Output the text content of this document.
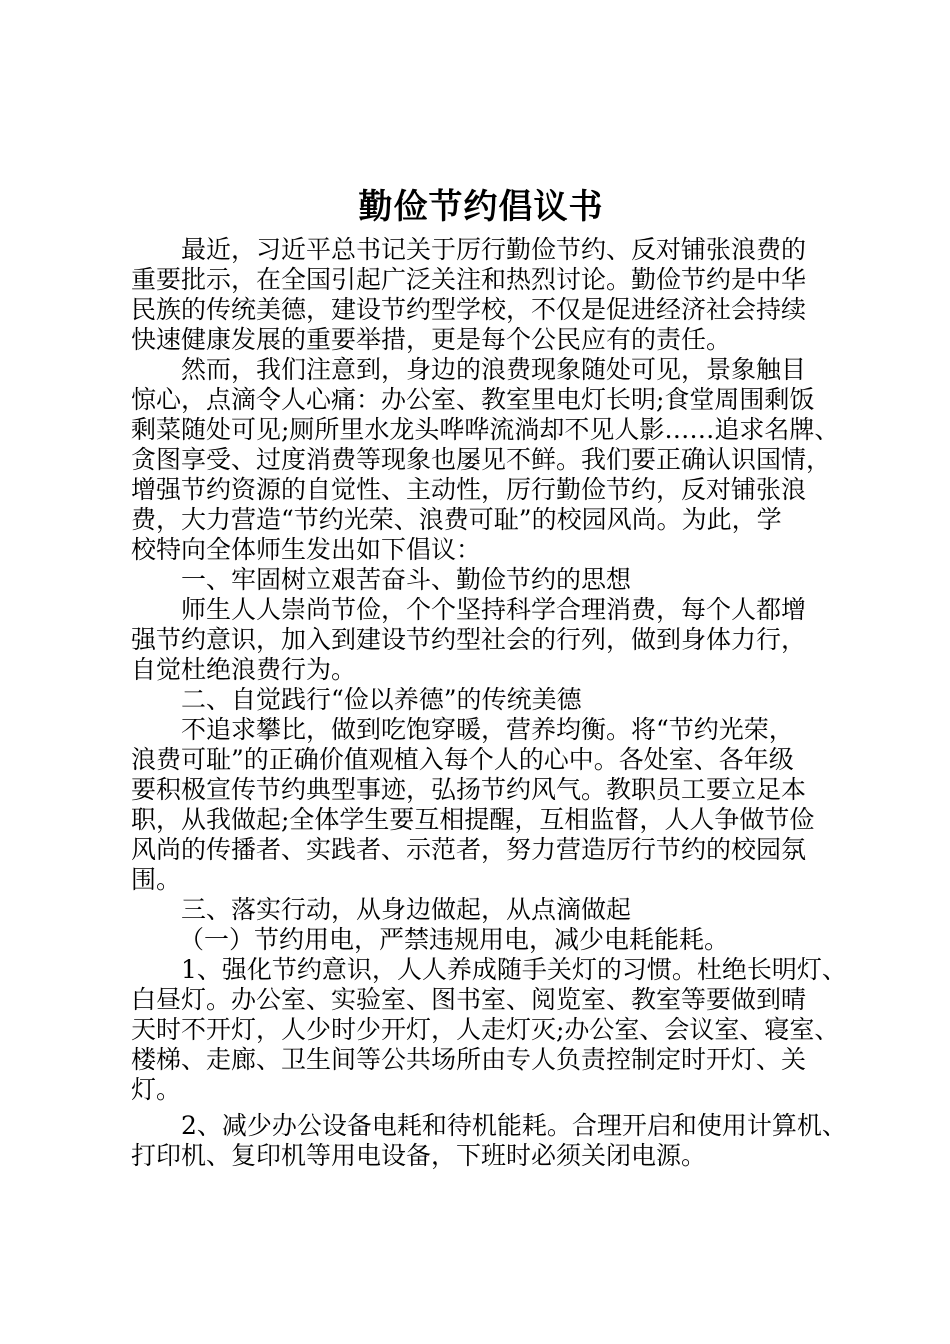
勤俭节约倡议书
最近，习近平总书记关于厉行勤俭节约、反对铺张浪费的
重要批示，在全国引起广泛关注和热烈讨论。勤俭节约是中华
民族的传统美德，建设节约型学校，不仅是促进经济社会持续
快速健康发展的重要举措，更是每个公民应有的责任。
然而，我们注意到，身边的浪费现象随处可见，景象触目
惊心，点滴令人心痛：办公室、教室里电灯长明;食堂周围剩饭
剩菜随处可见;厕所里水龙头哗哗流淌却不见人影……追求名牌、
贪图享受、过度消费等现象也屡见不鲜。我们要正确认识国情，
增强节约资源的自觉性、主动性，厉行勤俭节约，反对铺张浪
费，大力营造“节约光荣、浪费可耻”的校园风尚。为此，学
校特向全体师生发出如下倡议：
一、牢固树立艰苦奋斗、勤俭节约的思想
师生人人崇尚节俭，个个坚持科学合理消费，每个人都增
强节约意识，加入到建设节约型社会的行列，做到身体力行，
自觉杜绝浪费行为。
二、自觉践行“俭以养德”的传统美德
不追求攀比，做到吃饱穿暖，营养均衡。将“节约光荣，
浪费可耻”的正确价值观植入每个人的心中。各处室、各年级
要积极宣传节约典型事迹，弘扬节约风气。教职员工要立足本
职，从我做起;全体学生要互相提醒，互相监督，人人争做节俭
风尚的传播者、实践者、示范者，努力营造厉行节约的校园氛
围。
三、落实行动，从身边做起，从点滴做起
（一）节约用电，严禁违规用电，减少电耗能耗。
1、强化节约意识，人人养成随手关灯的习惯。杜绝长明灯、
白昼灯。办公室、实验室、图书室、阅览室、教室等要做到晴
天时不开灯，人少时少开灯，人走灯灭;办公室、会议室、寝室、
楼梯、走廊、卫生间等公共场所由专人负责控制定时开灯、关
灯。
2、减少办公设备电耗和待机能耗。合理开启和使用计算机、
打印机、复印机等用电设备，下班时必须关闭电源。
